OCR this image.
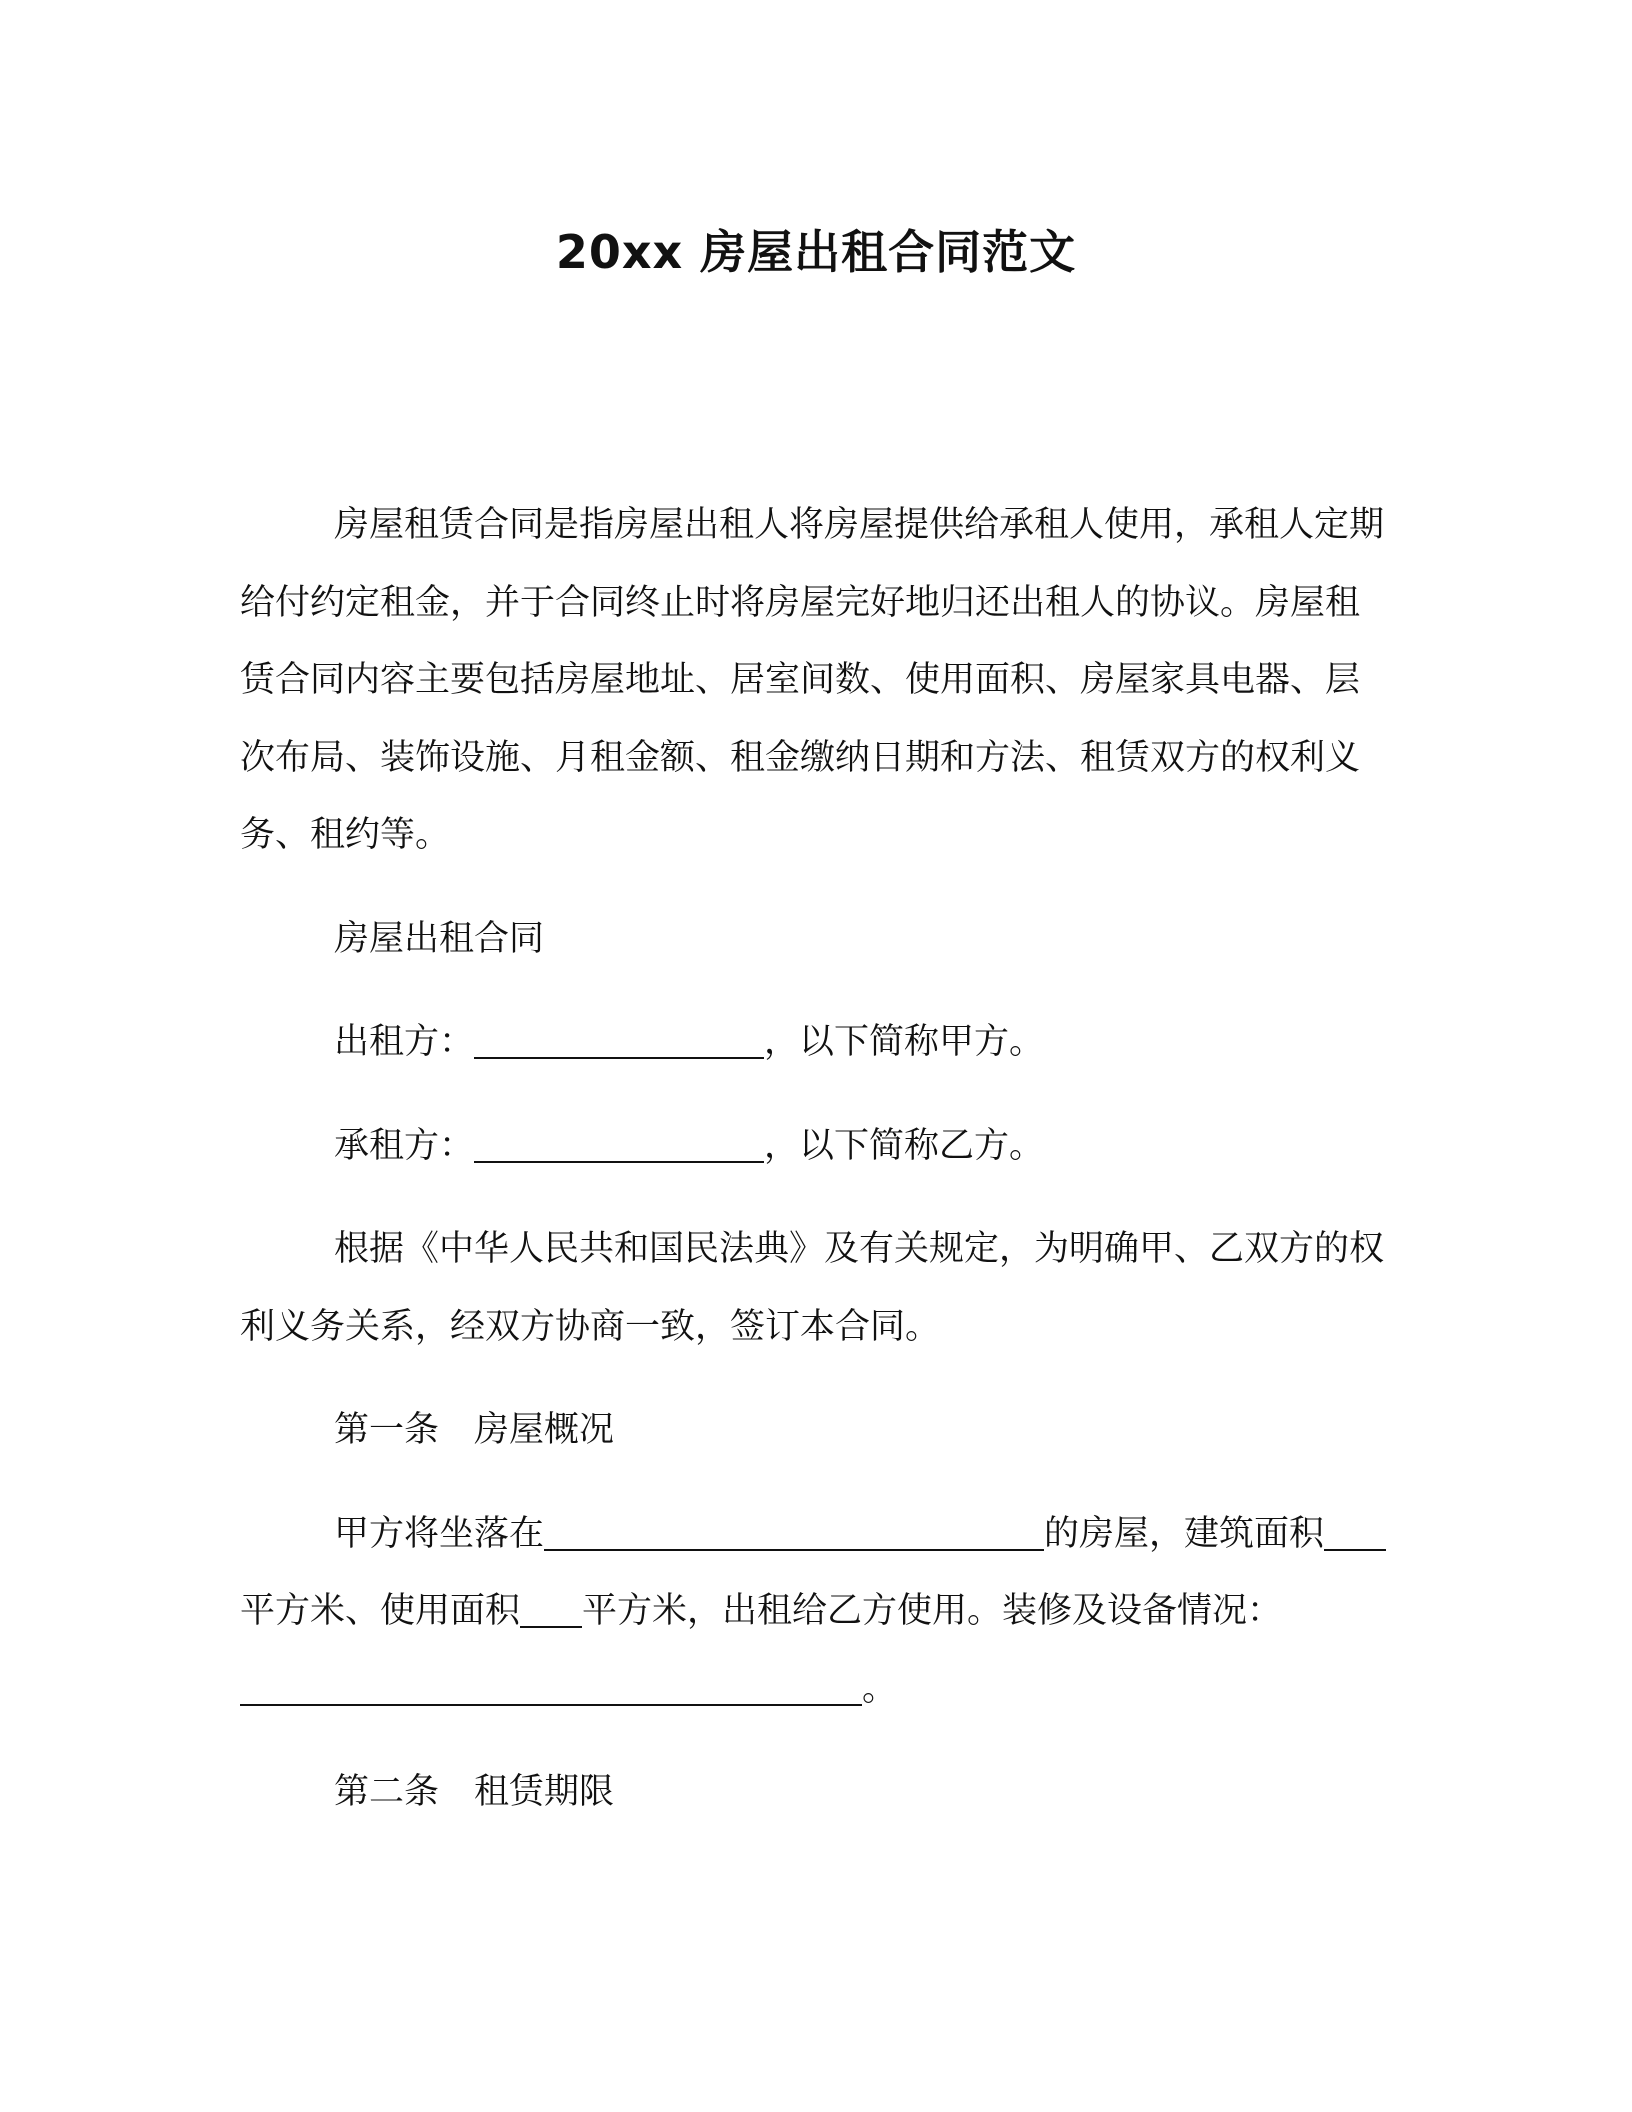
20xx 房屋出租合同范文

房屋租赁合同是指房屋出租人将房屋提供给承租人使用，承租人定期给付约定租金，并于合同终止时将房屋完好地归还出租人的协议。房屋租赁合同内容主要包括房屋地址、居室间数、使用面积、房屋家具电器、层次布局、装饰设施、月租金额、租金缴纳日期和方法、租赁双方的权利义务、租约等。

房屋出租合同

出租方：	，以下简称甲方。

承租方：	，以下简称乙方。

根据《中华人民共和国民法典》及有关规定，为明确甲、乙双方的权利义务关系，经双方协商一致，签订本合同。

第一条　房屋概况

甲方将坐落在	的房屋，建筑面积平方米、使用面积 平方米，出租给乙方使用。装修及设备情况：
。

第二条　租赁期限
